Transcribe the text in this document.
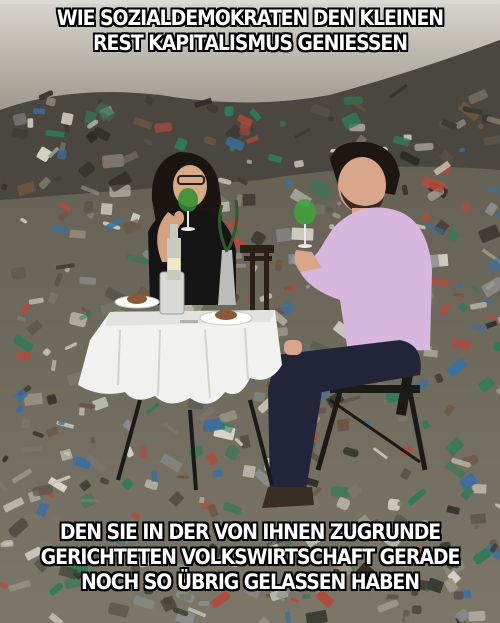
WIE SOZIALDEMOKRATEN DEN KLEINEN
REST KAPITALISMUS GENIESSEN
DEN SIE IN DER VON IHNEN ZUGRUNDE
GERICHTETEN VOLKSWIRTSCHAFT GERADE
NOCH SO ÜBRIG GELASSEN HABEN
